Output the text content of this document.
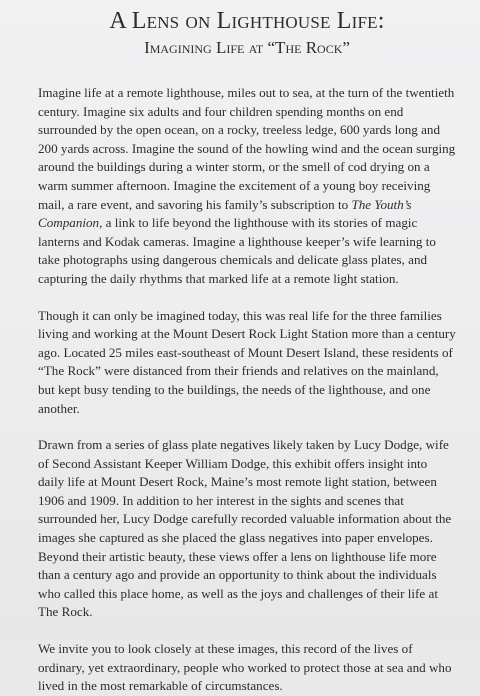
A Lens on Lighthouse Life:
Imagining Life at “The Rock”

Imagine life at a remote lighthouse, miles out to sea, at the turn of the twentieth century. Imagine six adults and four children spending months on end surrounded by the open ocean, on a rocky, treeless ledge, 600 yards long and 200 yards across. Imagine the sound of the howling wind and the ocean surging around the buildings during a winter storm, or the smell of cod drying on a warm summer afternoon. Imagine the excitement of a young boy receiving mail, a rare event, and savoring his family’s subscription to The Youth’s Companion, a link to life beyond the lighthouse with its stories of magic lanterns and Kodak cameras. Imagine a lighthouse keeper’s wife learning to take photographs using dangerous chemicals and delicate glass plates, and capturing the daily rhythms that marked life at a remote light station.

Though it can only be imagined today, this was real life for the three families living and working at the Mount Desert Rock Light Station more than a century ago. Located 25 miles east-southeast of Mount Desert Island, these residents of “The Rock” were distanced from their friends and relatives on the mainland, but kept busy tending to the buildings, the needs of the lighthouse, and one another.

Drawn from a series of glass plate negatives likely taken by Lucy Dodge, wife of Second Assistant Keeper William Dodge, this exhibit offers insight into daily life at Mount Desert Rock, Maine’s most remote light station, between 1906 and 1909. In addition to her interest in the sights and scenes that surrounded her, Lucy Dodge carefully recorded valuable information about the images she captured as she placed the glass negatives into paper envelopes. Beyond their artistic beauty, these views offer a lens on lighthouse life more than a century ago and provide an opportunity to think about the individuals who called this place home, as well as the joys and challenges of their life at The Rock.

We invite you to look closely at these images, this record of the lives of ordinary, yet extraordinary, people who worked to protect those at sea and who lived in the most remarkable of circumstances.
